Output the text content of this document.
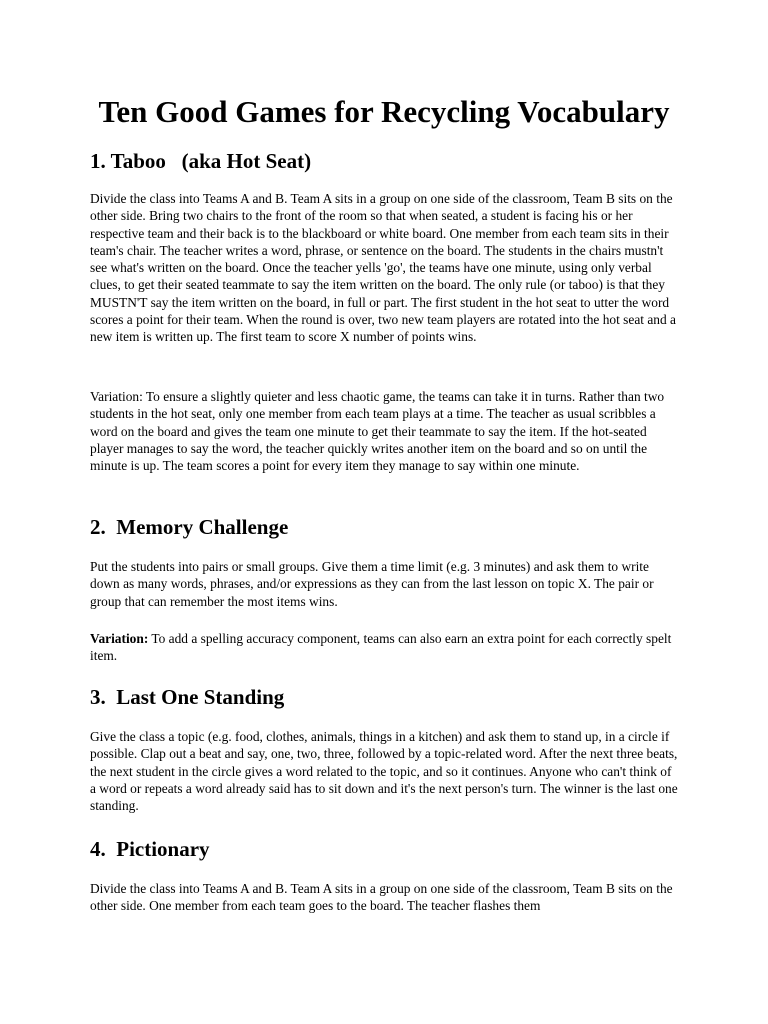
Ten Good Games for Recycling Vocabulary
1. Taboo   (aka Hot Seat)

Divide the class into Teams A and B. Team A sits in a group on one side of the classroom, Team B sits on the other side. Bring two chairs to the front of the room so that when seated, a student is facing his or her respective team and their back is to the blackboard or white board. One member from each team sits in their team's chair. The teacher writes a word, phrase, or sentence on the board. The students in the chairs mustn't see what's written on the board. Once the teacher yells 'go', the teams have one minute, using only verbal clues, to get their seated teammate to say the item written on the board. The only rule (or taboo) is that they MUSTN'T say the item written on the board, in full or part. The first student in the hot seat to utter the word scores a point for their team. When the round is over, two new team players are rotated into the hot seat and a new item is written up. The first team to score X number of points wins.

Variation: To ensure a slightly quieter and less chaotic game, the teams can take it in turns. Rather than two students in the hot seat, only one member from each team plays at a time. The teacher as usual scribbles a word on the board and gives the team one minute to get their teammate to say the item. If the hot-seated player manages to say the word, the teacher quickly writes another item on the board and so on until the minute is up. The team scores a point for every item they manage to say within one minute.

2.  Memory Challenge

Put the students into pairs or small groups. Give them a time limit (e.g. 3 minutes) and ask them to write down as many words, phrases, and/or expressions as they can from the last lesson on topic X. The pair or group that can remember the most items wins.

Variation: To add a spelling accuracy component, teams can also earn an extra point for each correctly spelt item.

3.  Last One Standing

Give the class a topic (e.g. food, clothes, animals, things in a kitchen) and ask them to stand up, in a circle if possible. Clap out a beat and say, one, two, three, followed by a topic-related word. After the next three beats, the next student in the circle gives a word related to the topic, and so it continues. Anyone who can't think of a word or repeats a word already said has to sit down and it's the next person's turn. The winner is the last one standing.

4.  Pictionary

Divide the class into Teams A and B. Team A sits in a group on one side of the classroom, Team B sits on the other side. One member from each team goes to the board. The teacher flashes them
